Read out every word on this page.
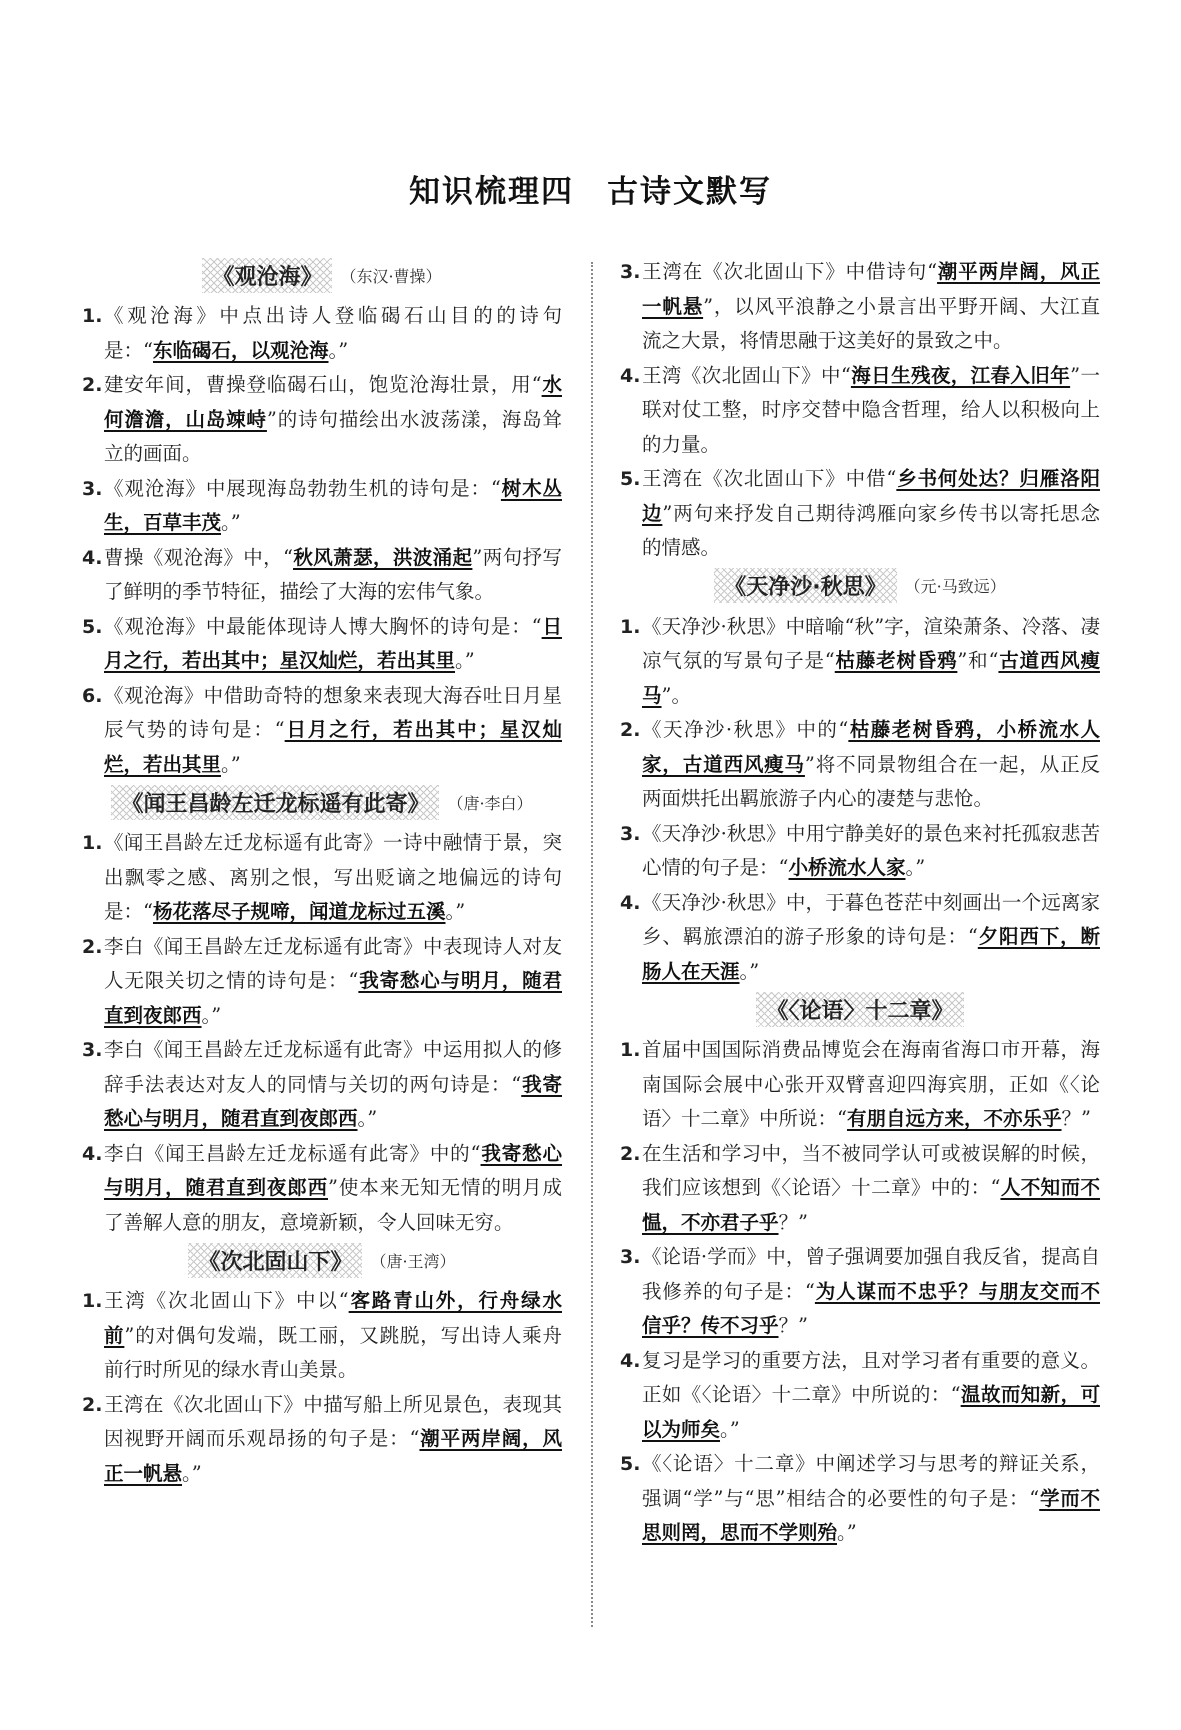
知识梳理四　古诗文默写
《观沧海》	（东汉·曹操）

1. 《观沧海》中点出诗人登临碣石山目的的诗句是：“东临碣石，以观沧海。”

2. 建安年间，曹操登临碣石山，饱览沧海壮景，用“水何澹澹，山岛竦峙”的诗句描绘出水波荡漾，海岛耸立的画面。

3. 《观沧海》中展现海岛勃勃生机的诗句是：“树木丛生，百草丰茂。”

4. 曹操《观沧海》中，“秋风萧瑟，洪波涌起”两句抒写了鲜明的季节特征，描绘了大海的宏伟气象。

5. 《观沧海》中最能体现诗人博大胸怀的诗句是：“日月之行，若出其中；星汉灿烂，若出其里。”

6. 《观沧海》中借助奇特的想象来表现大海吞吐日月星辰气势的诗句是：“日月之行，若出其中；星汉灿烂，若出其里。”

《闻王昌龄左迁龙标遥有此寄》	（唐·李白）

1. 《闻王昌龄左迁龙标遥有此寄》一诗中融情于景，突出飘零之感、离别之恨，写出贬谪之地偏远的诗句是：“杨花落尽子规啼，闻道龙标过五溪。”

2. 李白《闻王昌龄左迁龙标遥有此寄》中表现诗人对友人无限关切之情的诗句是：“我寄愁心与明月，随君直到夜郎西。”

3. 李白《闻王昌龄左迁龙标遥有此寄》中运用拟人的修辞手法表达对友人的同情与关切的两句诗是：“我寄愁心与明月，随君直到夜郎西。”

4. 李白《闻王昌龄左迁龙标遥有此寄》中的“我寄愁心与明月，随君直到夜郎西”使本来无知无情的明月成了善解人意的朋友，意境新颖，令人回味无穷。

《次北固山下》	（唐·王湾）

1. 王湾《次北固山下》中以“客路青山外，行舟绿水前”的对偶句发端，既工丽，又跳脱，写出诗人乘舟前行时所见的绿水青山美景。

2. 王湾在《次北固山下》中描写船上所见景色，表现其因视野开阔而乐观昂扬的句子是：“潮平两岸阔，风正一帆悬。”

3. 王湾在《次北固山下》中借诗句“潮平两岸阔，风正一帆悬”，以风平浪静之小景言出平野开阔、大江直流之大景，将情思融于这美好的景致之中。

4. 王湾《次北固山下》中“海日生残夜，江春入旧年”一联对仗工整，时序交替中隐含哲理，给人以积极向上的力量。

5. 王湾在《次北固山下》中借“乡书何处达？归雁洛阳边”两句来抒发自己期待鸿雁向家乡传书以寄托思念的情感。

《天净沙·秋思》	（元·马致远）

1. 《天净沙·秋思》中暗喻“秋”字，渲染萧条、冷落、凄凉气氛的写景句子是“枯藤老树昏鸦”和“古道西风瘦马”。

2. 《天净沙·秋思》中的“枯藤老树昏鸦，小桥流水人家，古道西风瘦马”将不同景物组合在一起，从正反两面烘托出羁旅游子内心的凄楚与悲怆。

3. 《天净沙·秋思》中用宁静美好的景色来衬托孤寂悲苦心情的句子是：“小桥流水人家。”

4. 《天净沙·秋思》中，于暮色苍茫中刻画出一个远离家乡、羁旅漂泊的游子形象的诗句是：“夕阳西下，断肠人在天涯。”

《〈论语〉十二章》

1. 首届中国国际消费品博览会在海南省海口市开幕，海南国际会展中心张开双臂喜迎四海宾朋，正如《〈论语〉十二章》中所说：“有朋自远方来，不亦乐乎？”

2. 在生活和学习中，当不被同学认可或被误解的时候，我们应该想到《〈论语〉十二章》中的：“人不知而不愠，不亦君子乎？”

3. 《论语·学而》中，曾子强调要加强自我反省，提高自我修养的句子是：“为人谋而不忠乎？与朋友交而不信乎？传不习乎？”

4. 复习是学习的重要方法，且对学习者有重要的意义。正如《〈论语〉十二章》中所说的：“温故而知新，可以为师矣。”

5. 《〈论语〉十二章》中阐述学习与思考的辩证关系，强调“学”与“思”相结合的必要性的句子是：“学而不思则罔，思而不学则殆。”
